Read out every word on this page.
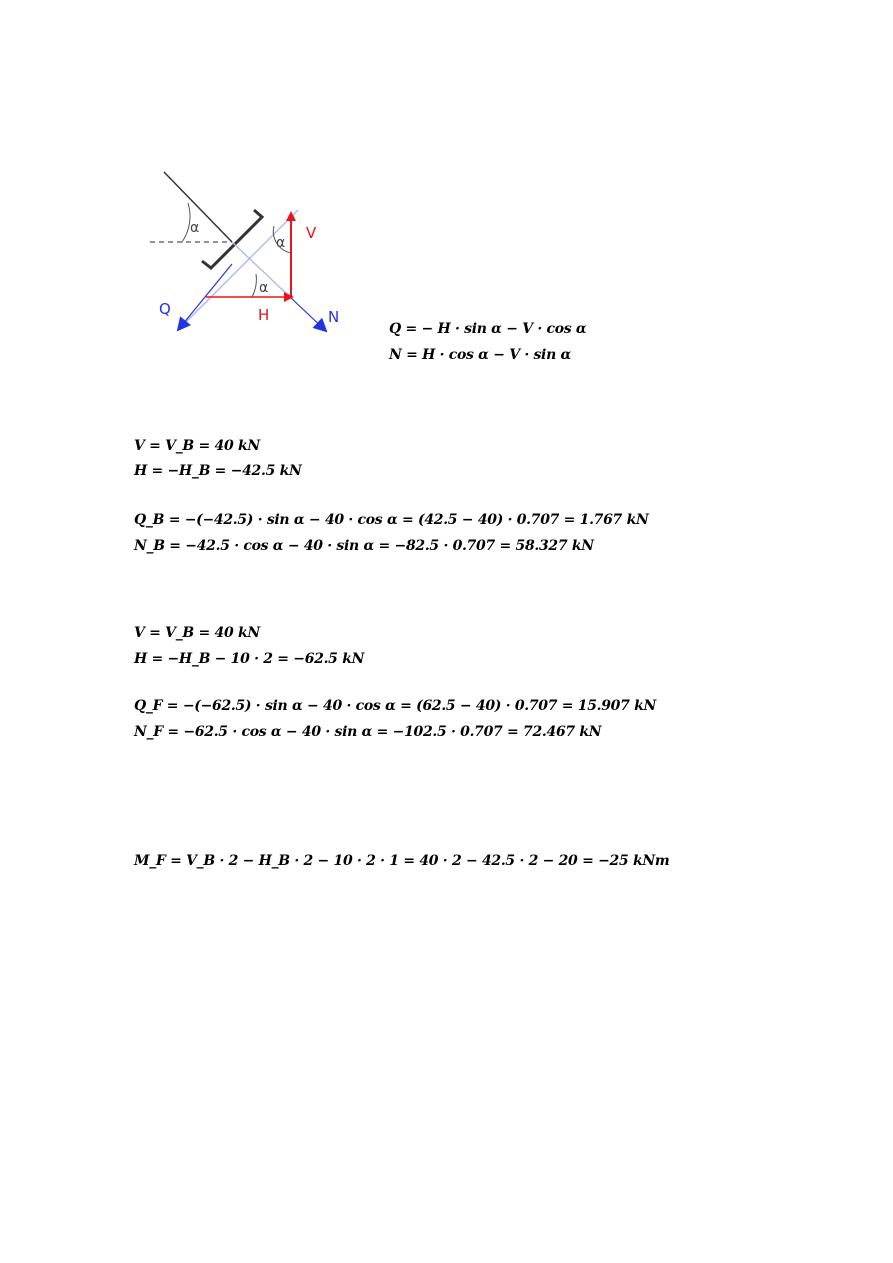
α
α
α
V
H
Q	N
Q = − H · sin α − V · cos α
N = H · cos α − V · sin α
V = V_B = 40 kN
H = −H_B = −42.5 kN
Q_B = −(−42.5) · sin α − 40 · cos α = (42.5 − 40) · 0.707 = 1.767 kN
N_B = −42.5 · cos α − 40 · sin α = −82.5 · 0.707 = 58.327 kN
V = V_B = 40 kN
H = −H_B − 10 · 2 = −62.5 kN
Q_F = −(−62.5) · sin α − 40 · cos α = (62.5 − 40) · 0.707 = 15.907 kN
N_F = −62.5 · cos α − 40 · sin α = −102.5 · 0.707 = 72.467 kN
M_F = V_B · 2 − H_B · 2 − 10 · 2 · 1 = 40 · 2 − 42.5 · 2 − 20 = −25 kNm
